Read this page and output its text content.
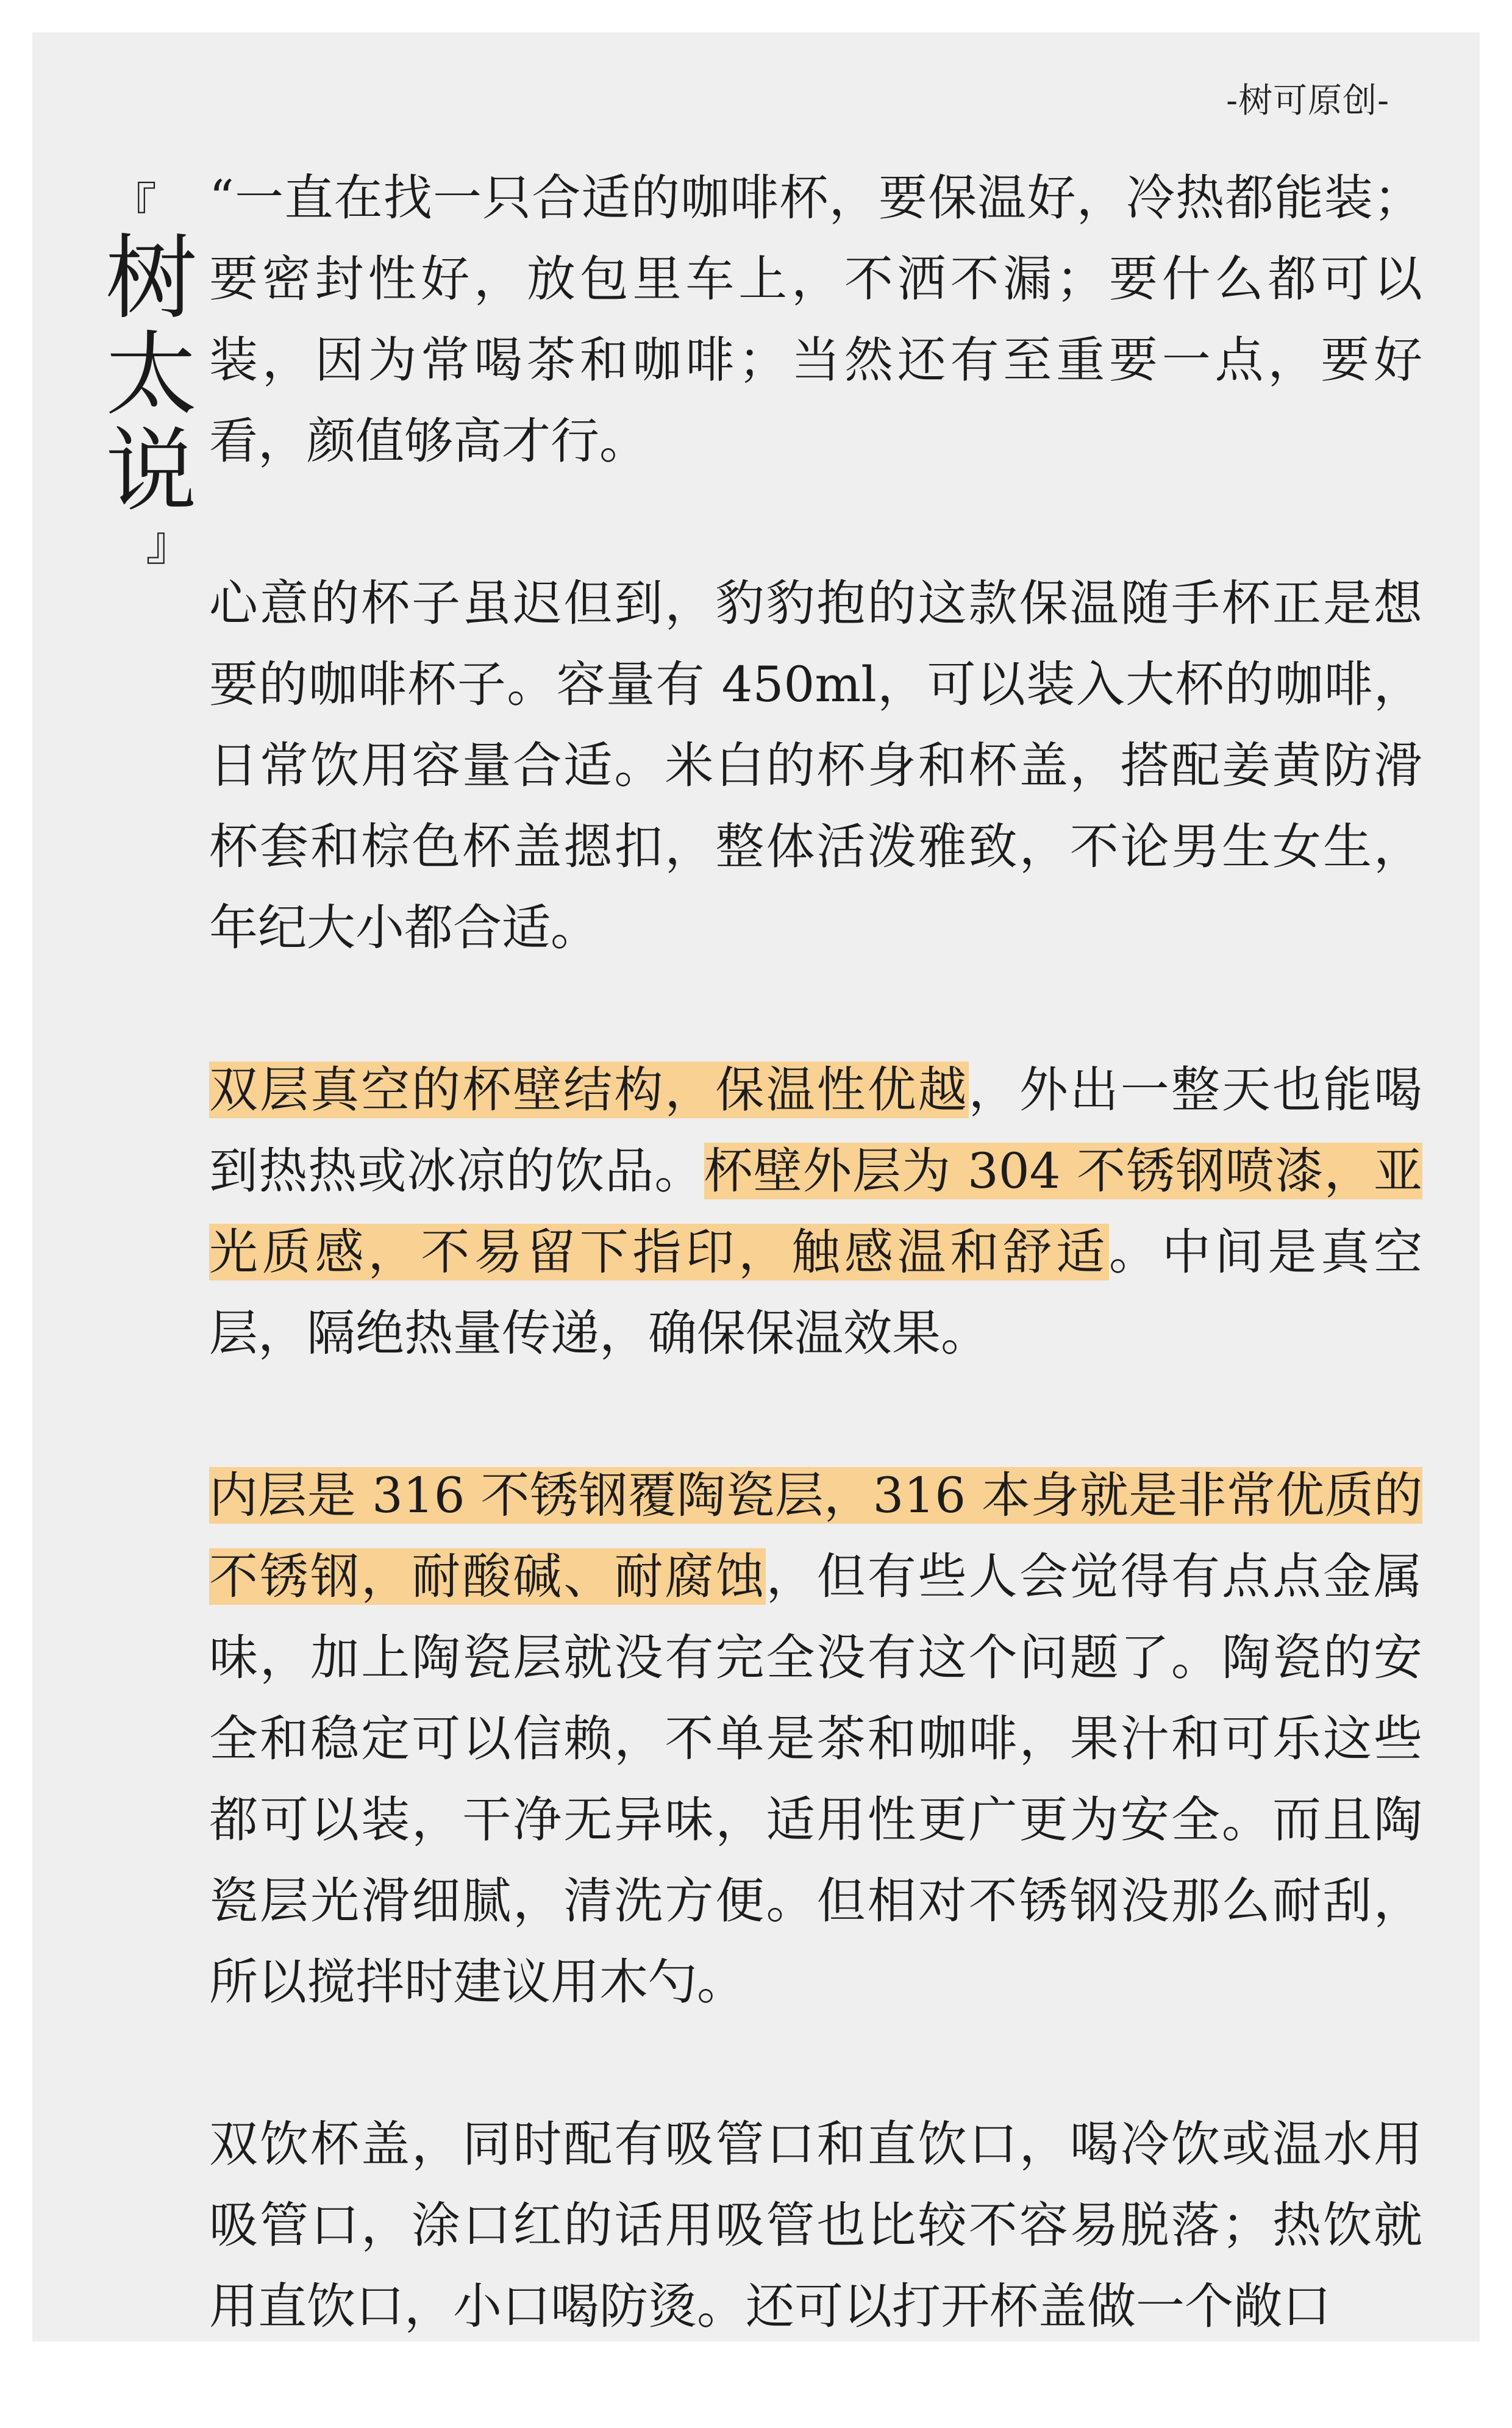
-树可原创-
『
树
太
说
』

“一直在找一只合适的咖啡杯，要保温好，冷热都能装；要密封性好，放包里车上，不洒不漏；要什么都可以装，因为常喝茶和咖啡；当然还有至重要一点，要好看，颜值够高才行。

心意的杯子虽迟但到，豹豹抱的这款保温随手杯正是想要的咖啡杯子。容量有 450ml，可以装入大杯的咖啡，日常饮用容量合适。米白的杯身和杯盖，搭配姜黄防滑杯套和棕色杯盖摁扣，整体活泼雅致，不论男生女生，年纪大小都合适。

双层真空的杯壁结构，保温性优越，外出一整天也能喝到热热或冰凉的饮品。杯壁外层为 304 不锈钢喷漆，亚光质感，不易留下指印，触感温和舒适。中间是真空层，隔绝热量传递，确保保温效果。

内层是 316 不锈钢覆陶瓷层，316 本身就是非常优质的不锈钢，耐酸碱、耐腐蚀，但有些人会觉得有点点金属味，加上陶瓷层就没有完全没有这个问题了。陶瓷的安全和稳定可以信赖，不单是茶和咖啡，果汁和可乐这些都可以装，干净无异味，适用性更广更为安全。而且陶瓷层光滑细腻，清洗方便。但相对不锈钢没那么耐刮，所以搅拌时建议用木勺。

双饮杯盖，同时配有吸管口和直饮口，喝冷饮或温水用吸管口，涂口红的话用吸管也比较不容易脱落；热饮就用直饮口，小口喝防烫。还可以打开杯盖做一个敞口
